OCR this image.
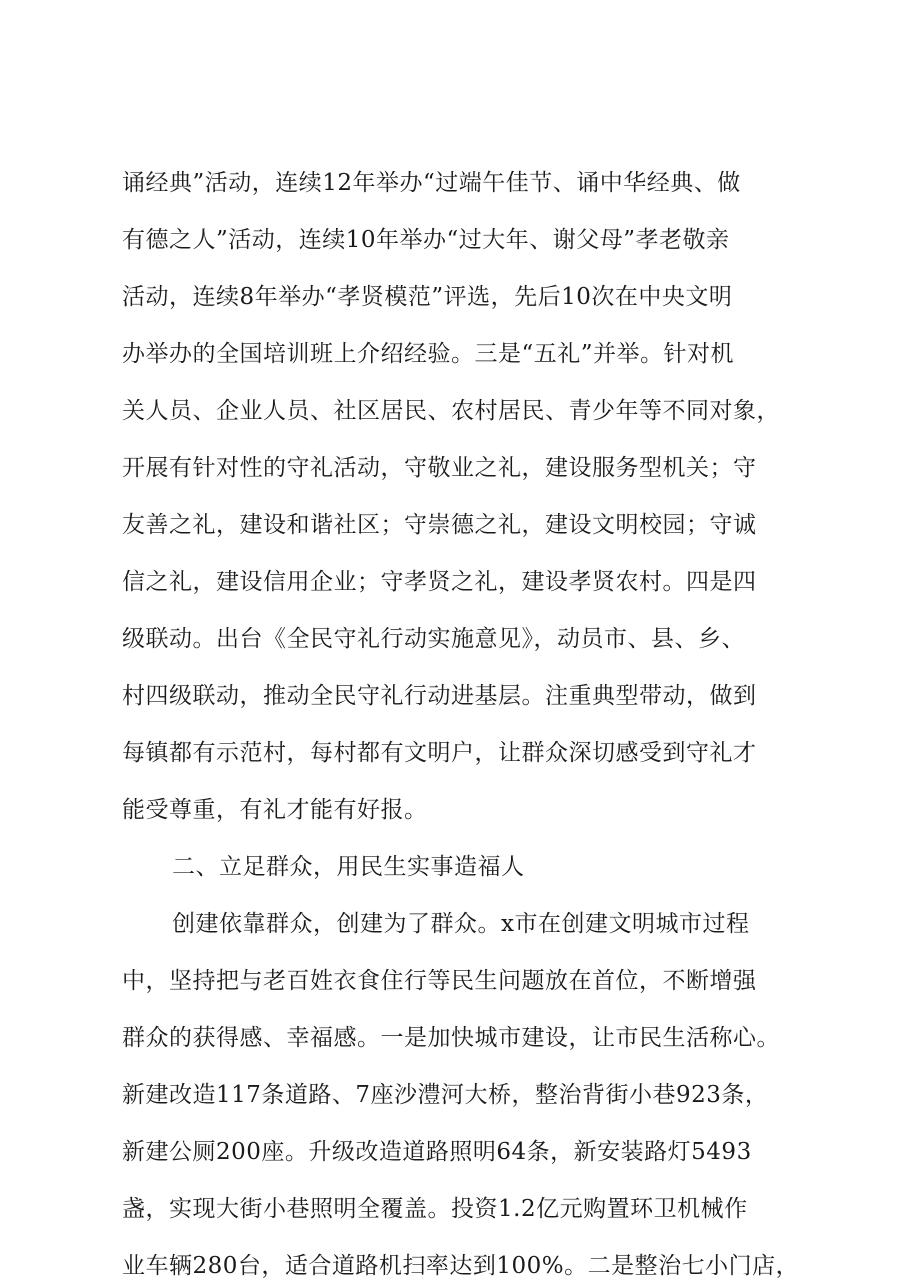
诵经典”活动，连续12年举办“过端午佳节、诵中华经典、做
有德之人”活动，连续10年举办“过大年、谢父母”孝老敬亲
活动，连续8年举办“孝贤模范”评选，先后10次在中央文明
办举办的全国培训班上介绍经验。三是“五礼”并举。针对机
关人员、企业人员、社区居民、农村居民、青少年等不同对象，
开展有针对性的守礼活动，守敬业之礼，建设服务型机关；守
友善之礼，建设和谐社区；守崇德之礼，建设文明校园；守诚
信之礼，建设信用企业；守孝贤之礼，建设孝贤农村。四是四
级联动。出台《全民守礼行动实施意见》，动员市、县、乡、
村四级联动，推动全民守礼行动进基层。注重典型带动，做到
每镇都有示范村，每村都有文明户，让群众深切感受到守礼才
能受尊重，有礼才能有好报。
二、立足群众，用民生实事造福人
创建依靠群众，创建为了群众。x市在创建文明城市过程
中，坚持把与老百姓衣食住行等民生问题放在首位，不断增强
群众的获得感、幸福感。一是加快城市建设，让市民生活称心。
新建改造117条道路、7座沙澧河大桥，整治背街小巷923条，
新建公厕200座。升级改造道路照明64条，新安装路灯5493
盏，实现大街小巷照明全覆盖。投资1.2亿元购置环卫机械作
业车辆280台，适合道路机扫率达到100%。二是整治七小门店，
